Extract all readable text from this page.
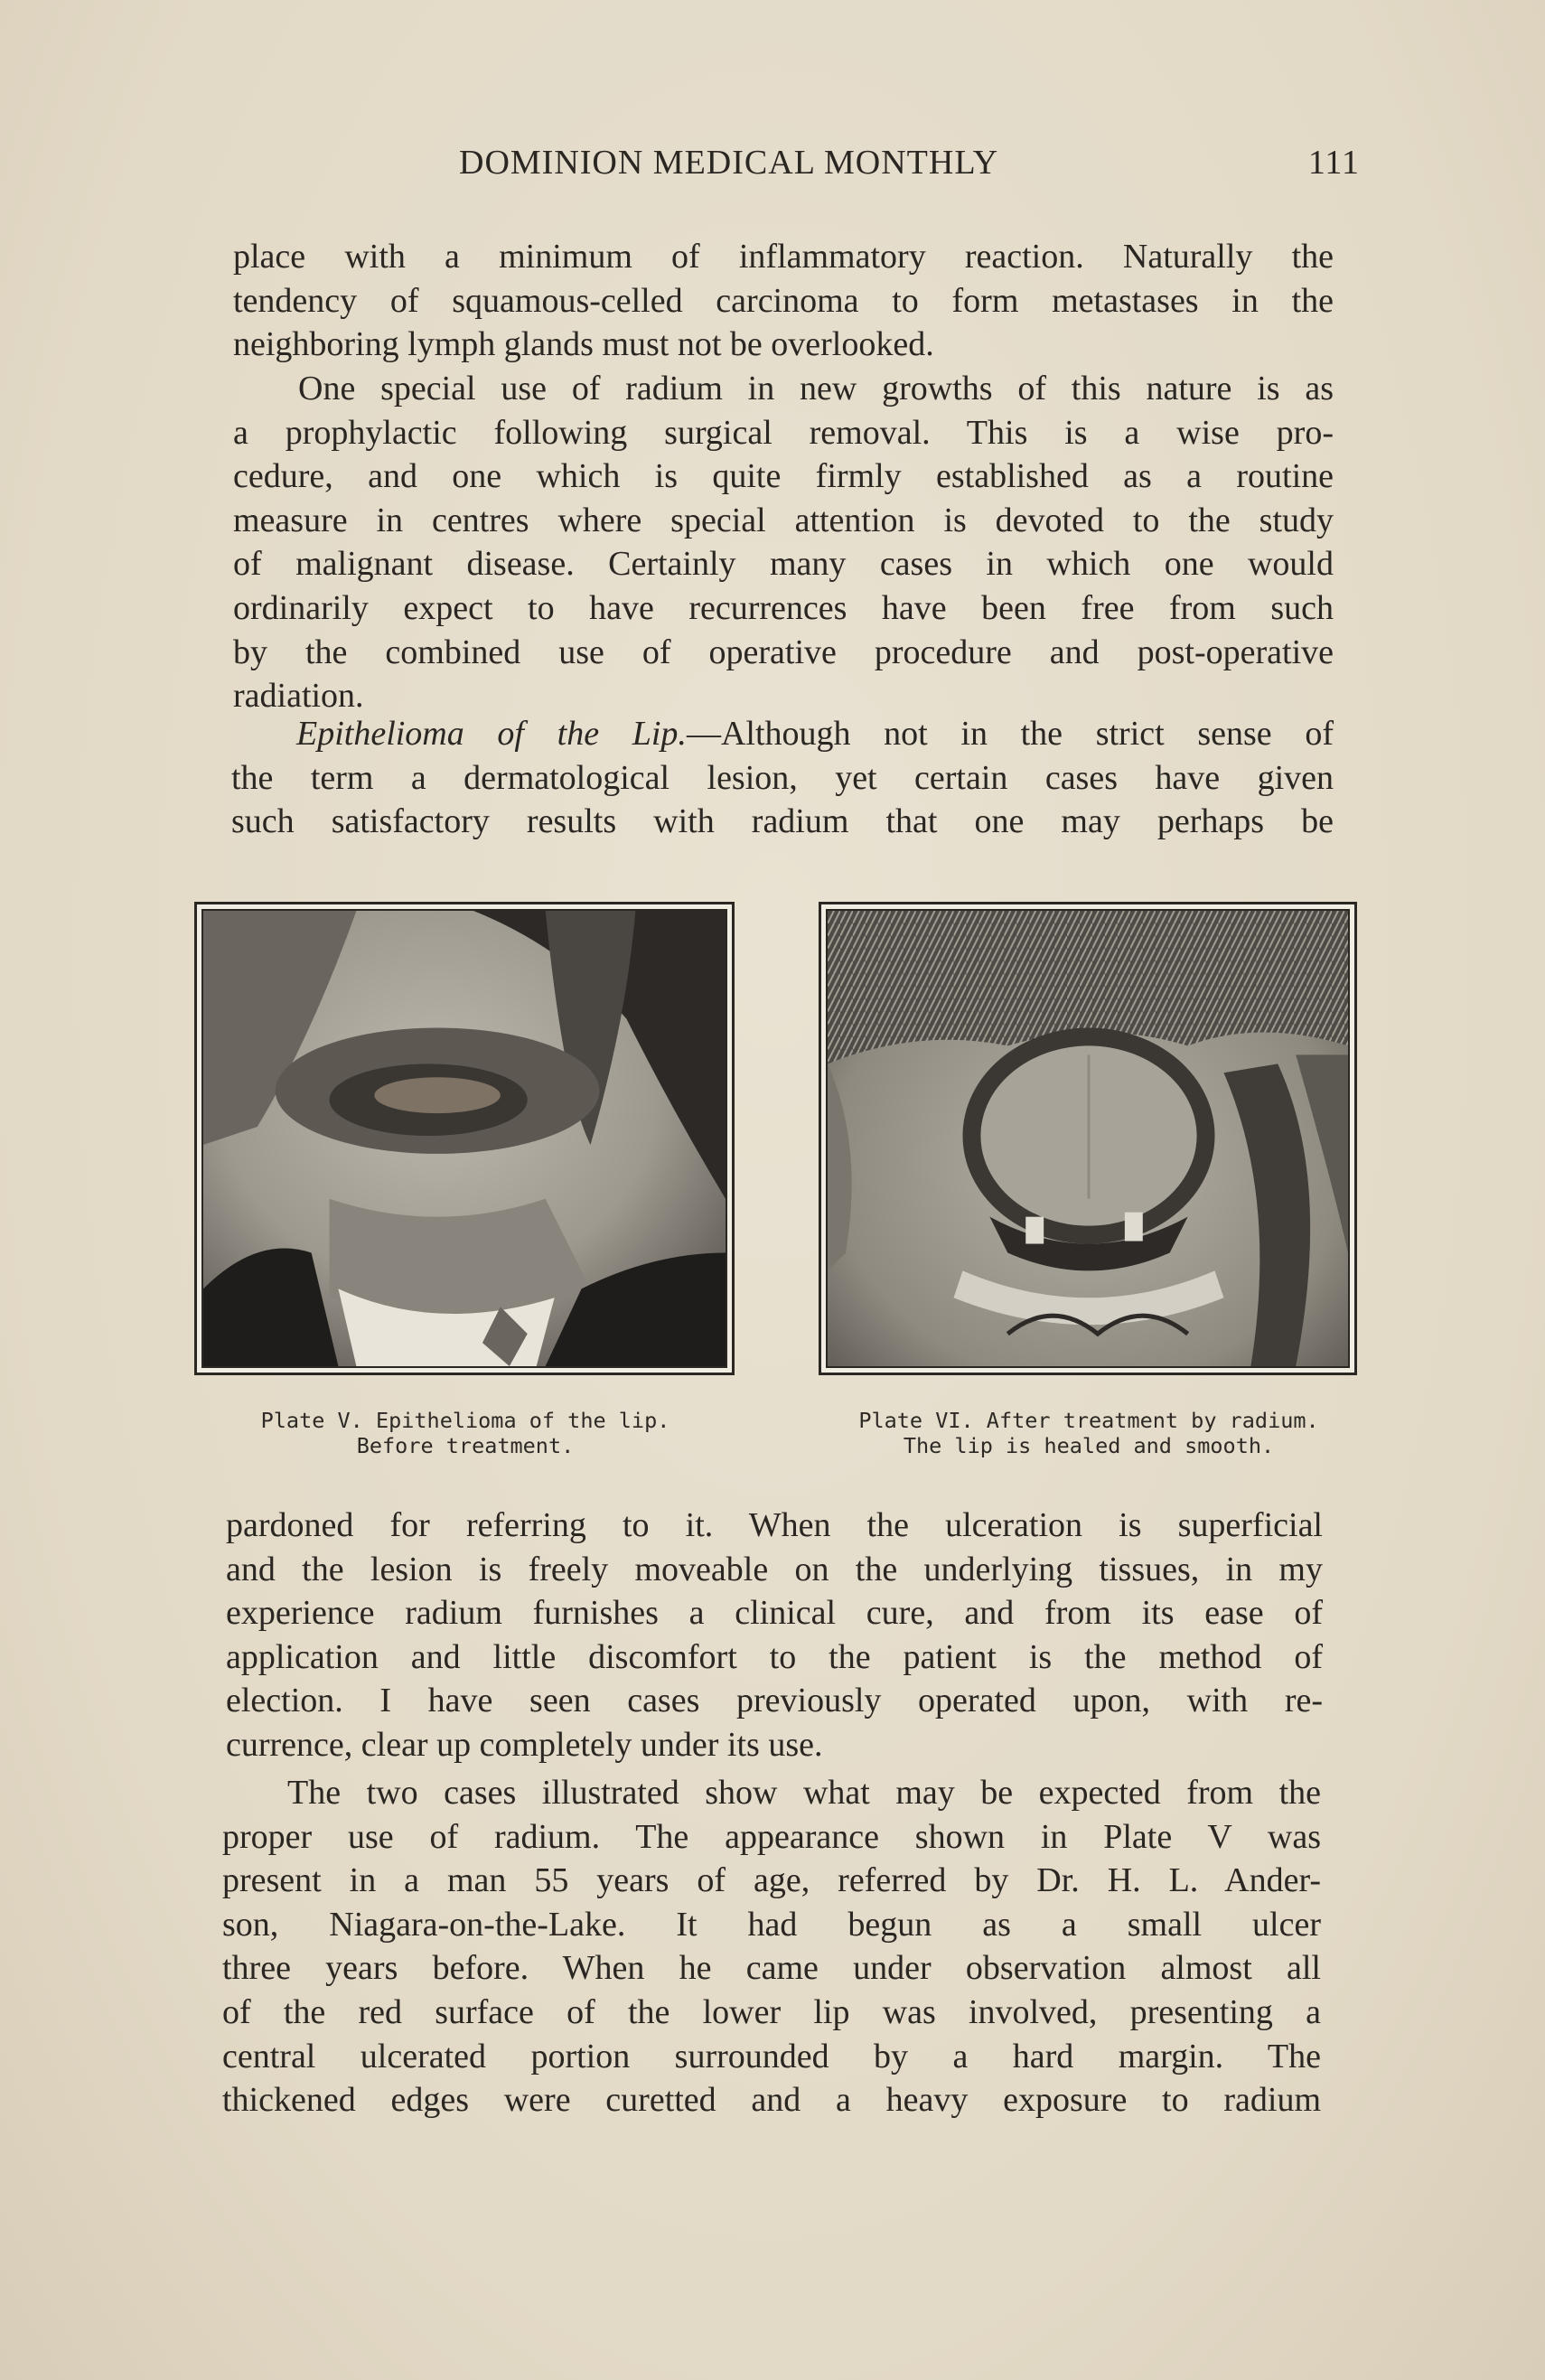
DOMINION MEDICAL MONTHLY	111
place with a minimum of inflammatory reaction. Naturally the
tendency of squamous-celled carcinoma to form metastases in the
neighboring lymph glands must not be overlooked.
One special use of radium in new growths of this nature is as
a prophylactic following surgical removal. This is a wise pro-
cedure, and one which is quite firmly established as a routine
measure in centres where special attention is devoted to the study
of malignant disease. Certainly many cases in which one would
ordinarily expect to have recurrences have been free from such
by the combined use of operative procedure and post-operative
radiation.
Epithelioma of the Lip.—Although not in the strict sense of
the term a dermatological lesion, yet certain cases have given
such satisfactory results with radium that one may perhaps be
Plate V. Epithelioma of the lip.
Before treatment.
Plate VI. After treatment by radium.
The lip is healed and smooth.
pardoned for referring to it. When the ulceration is superficial
and the lesion is freely moveable on the underlying tissues, in my
experience radium furnishes a clinical cure, and from its ease of
application and little discomfort to the patient is the method of
election. I have seen cases previously operated upon, with re-
currence, clear up completely under its use.
The two cases illustrated show what may be expected from the
proper use of radium. The appearance shown in Plate V was
present in a man 55 years of age, referred by Dr. H. L. Ander-
son, Niagara-on-the-Lake. It had begun as a small ulcer
three years before. When he came under observation almost all
of the red surface of the lower lip was involved, presenting a
central ulcerated portion surrounded by a hard margin. The
thickened edges were curetted and a heavy exposure to radium
